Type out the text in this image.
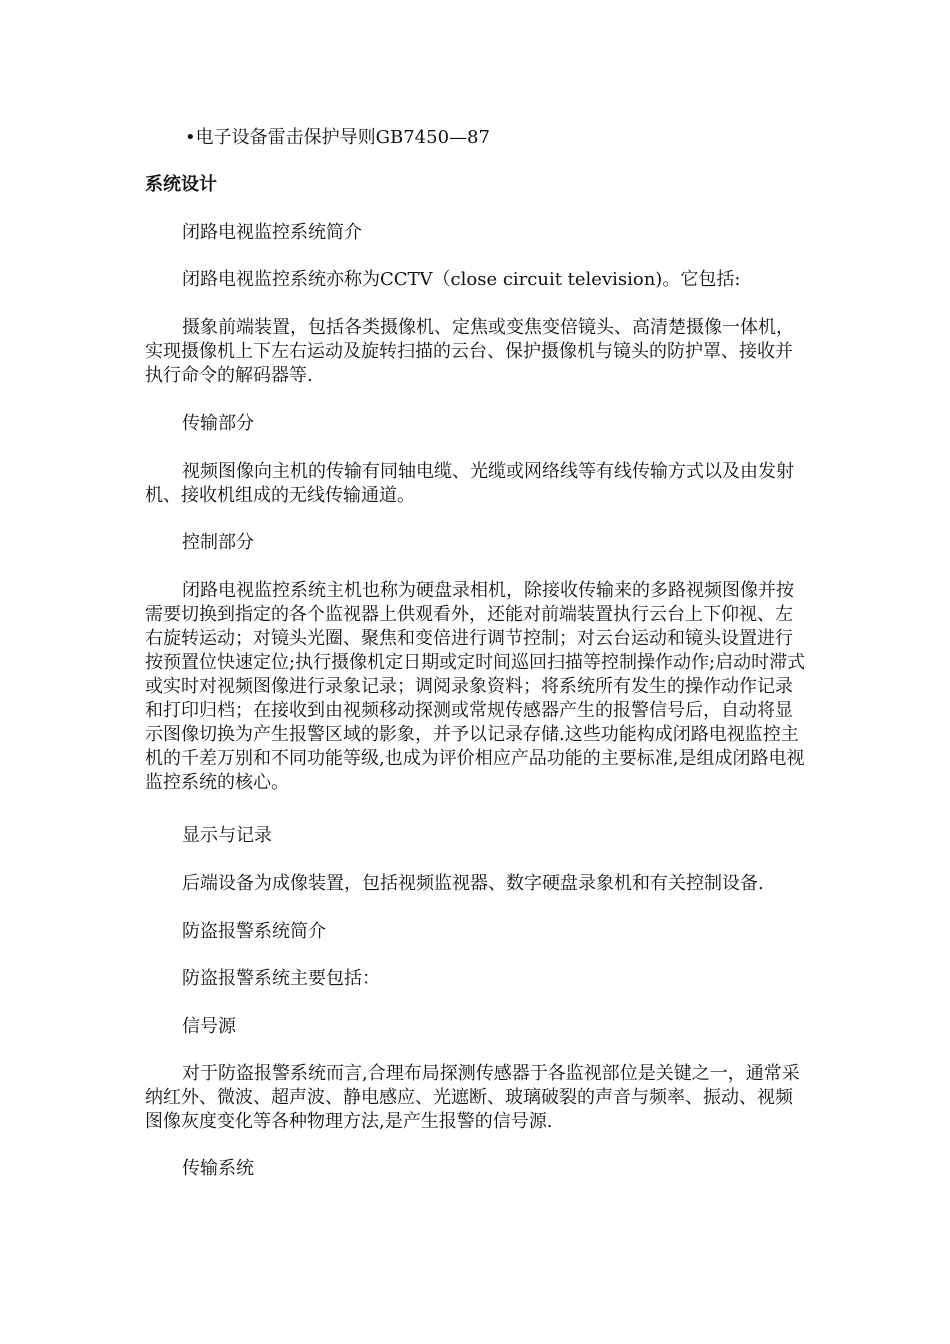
•电子设备雷击保护导则GB7450—87
系统设计

闭路电视监控系统简介

闭路电视监控系统亦称为CCTV（close circuit television)。它包括:

摄象前端装置，包括各类摄像机、定焦或变焦变倍镜头、高清楚摄像一体机，实现摄像机上下左右运动及旋转扫描的云台、保护摄像机与镜头的防护罩、接收并执行命令的解码器等.

传输部分

视频图像向主机的传输有同轴电缆、光缆或网络线等有线传输方式以及由发射机、接收机组成的无线传输通道。

控制部分

闭路电视监控系统主机也称为硬盘录相机，除接收传输来的多路视频图像并按需要切换到指定的各个监视器上供观看外，还能对前端装置执行云台上下仰视、左右旋转运动；对镜头光圈、聚焦和变倍进行调节控制；对云台运动和镜头设置进行按预置位快速定位;执行摄像机定日期或定时间巡回扫描等控制操作动作;启动时滞式或实时对视频图像进行录象记录；调阅录象资料；将系统所有发生的操作动作记录和打印归档；在接收到由视频移动探测或常规传感器产生的报警信号后，自动将显示图像切换为产生报警区域的影象，并予以记录存储.这些功能构成闭路电视监控主机的千差万别和不同功能等级,也成为评价相应产品功能的主要标准,是组成闭路电视监控系统的核心。

显示与记录

后端设备为成像装置，包括视频监视器、数字硬盘录象机和有关控制设备.

防盗报警系统简介

防盗报警系统主要包括：

信号源

对于防盗报警系统而言,合理布局探测传感器于各监视部位是关键之一，通常采纳红外、微波、超声波、静电感应、光遮断、玻璃破裂的声音与频率、振动、视频图像灰度变化等各种物理方法,是产生报警的信号源.

传输系统
